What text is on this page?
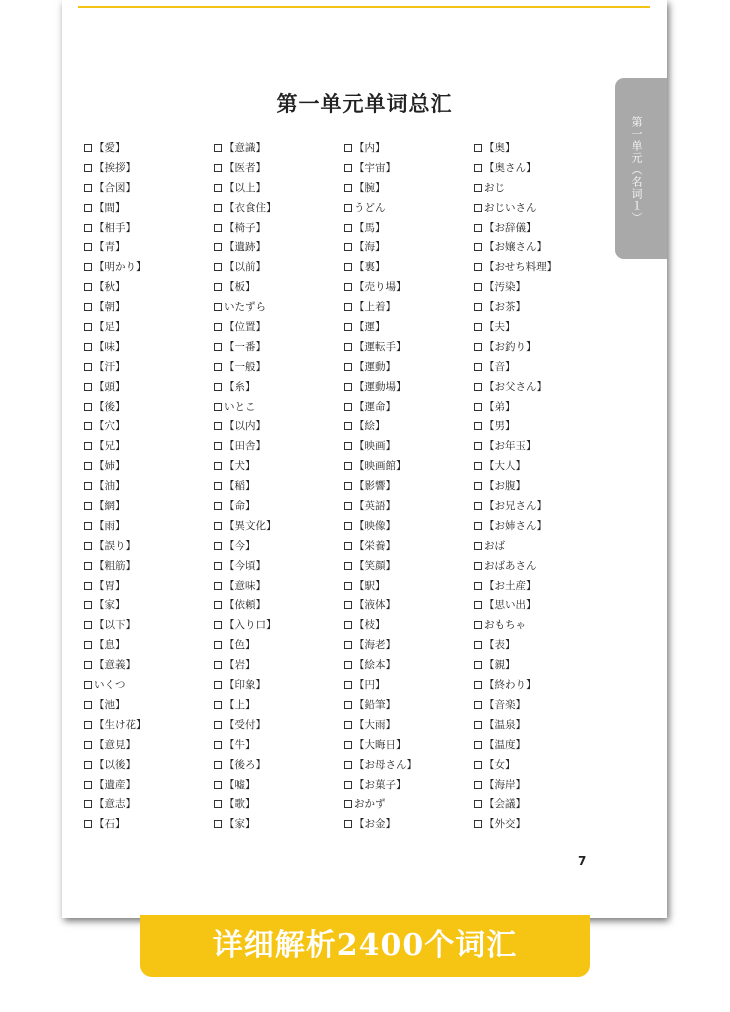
第一单元单词总汇
第一单元（名词１）
【愛】
【挨拶】
【合図】
【間】
【相手】
【青】
【明かり】
【秋】
【朝】
【足】
【味】
【汗】
【頭】
【後】
【穴】
【兄】
【姉】
【油】
【網】
【雨】
【誤り】
【粗筋】
【胃】
【家】
【以下】
【息】
【意義】
いくつ
【池】
【生け花】
【意見】
【以後】
【遺産】
【意志】
【石】
【意識】
【医者】
【以上】
【衣食住】
【椅子】
【遺跡】
【以前】
【板】
いたずら
【位置】
【一番】
【一般】
【糸】
いとこ
【以内】
【田舎】
【犬】
【稲】
【命】
【異文化】
【今】
【今頃】
【意味】
【依頼】
【入り口】
【色】
【岩】
【印象】
【上】
【受付】
【牛】
【後ろ】
【嘘】
【歌】
【家】
【内】
【宇宙】
【腕】
うどん
【馬】
【海】
【裏】
【売り場】
【上着】
【運】
【運転手】
【運動】
【運動場】
【運命】
【絵】
【映画】
【映画館】
【影響】
【英語】
【映像】
【栄養】
【笑顔】
【駅】
【液体】
【枝】
【海老】
【絵本】
【円】
【鉛筆】
【大雨】
【大晦日】
【お母さん】
【お菓子】
おかず
【お金】
【奥】
【奥さん】
おじ
おじいさん
【お辞儀】
【お嬢さん】
【おせち料理】
【汚染】
【お茶】
【夫】
【お釣り】
【音】
【お父さん】
【弟】
【男】
【お年玉】
【大人】
【お腹】
【お兄さん】
【お姉さん】
おば
おばあさん
【お土産】
【思い出】
おもちゃ
【表】
【親】
【終わり】
【音楽】
【温泉】
【温度】
【女】
【海岸】
【会議】
【外交】
7
详细解析2400个词汇
